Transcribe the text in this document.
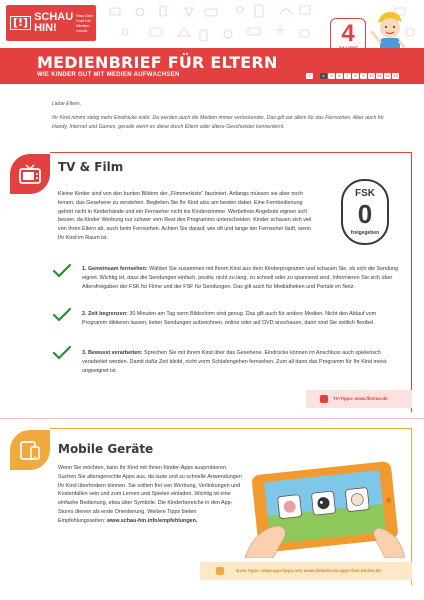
[!] SCHAU
HIN!
Was Dein
Kind mit
Medien macht.	4
MEDIENBRIEF FÜR ELTERN
WIE KINDER GUT MIT MEDIEN AUFWACHSEN	3	4	5	6	7	8	9	10 11 12 13

Liebe Eltern,

Ihr Kind nimmt stetig mehr Eindrücke wahr. Da werden auch die Medien immer verlockender. Das gilt vor allem für das Fernsehen. Aber auch für Handy, Internet und Games, gerade wenn es diese durch Eltern oder ältere Geschwister kennenlernt.

TV & Film
Kleine Kinder sind von den bunten Bildern der „Flimmerkiste“ fasziniert. Anfangs müssen sie aber noch lernen, das Gesehene zu verstehen. Begleiten Sie Ihr Kind also am besten dabei. Eine Fernbedienung gehört nicht in Kinderhände und ein Fernseher nicht ins Kinderzimmer. Werbefreie Angebote eignen sich besser, da Kinder Werbung nur schwer vom Rest des Programms unterscheiden. Kinder schauen sich viel von Ihren Eltern ab, auch beim Fernsehen. Achten Sie darauf, wie oft und lange der Fernseher läuft, wenn Ihr Kind im Raum ist.
FSK
0
freigegeben
1. Gemeinsam fernsehen: Wählen Sie zusammen mit Ihrem Kind aus dem Kinderprogramm und schauen Sie, ob sich die Sendung eignet. Wichtig ist, dass die Sendungen einfach, positiv, nicht zu lang, zu schnell oder zu spannend sind. Informieren Sie sich über Altersfreigaben der FSK für Filme und der FSF für Sendungen. Das gilt auch für Mediatheken und Portale im Netz.
2. Zeit begrenzen: 30 Minuten am Tag vorm Bildschirm sind genug. Das gilt auch für andere Medien. Nicht den Ablauf vom Programm diktieren lassen, lieber Sendungen aufzeichnen, online oder auf DVD anschauen, dann sind Sie zeitlich flexibel.
3. Bewusst verarbeiten: Sprechen Sie mit Ihrem Kind über das Gesehene. Eindrücke können im Anschluss auch spielerisch verarbeitet werden. Damit dafür Zeit bleibt, nicht vorm Schlafengehen fernsehen. Zum all dann das Programm für Ihr Kind meist ungeeignet ist.
TV-Tipps: www.flimmo.de
Mobile Geräte
Wenn Sie möchten, kann Ihr Kind mit Ihnen Kinder-Apps ausprobieren. Suchen Sie altersgerechte Apps aus, da laute und zu schnelle Anwendungen Ihr Kind überfordern können. Sie sollten frei von Werbung, Verlinkungen und Kostenfallen sein und zum Lernen und Spielen einladen. Wichtig ist eine einfache Bedienung, etwa über Symbole. Die Kinderbereiche in den App-Stores dienen als erste Orientierung. Weitere Tipps bieten Empfehlungsseiten: www.schau-hin.info/empfehlungen.
Gute Apps: www.app-tipps.net, www.datenbank-apps-fuer-kinder.de
